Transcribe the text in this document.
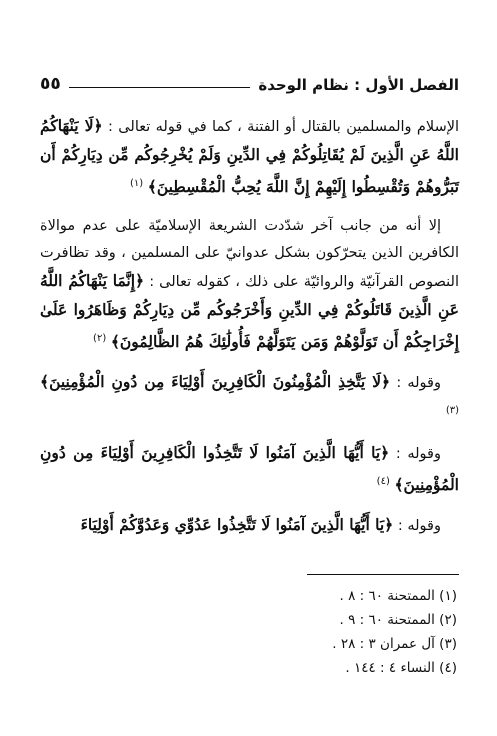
الفصل الأول : نظام الوحدة
٥٥

الإسلام والمسلمين بالقتال أو الفتنة ، كما في قوله تعالى : ﴿لَا يَنْهَاكُمُ اللَّهُ عَنِ الَّذِينَ لَمْ يُقَاتِلُوكُمْ فِي الدِّينِ وَلَمْ يُخْرِجُوكُم مِّن دِيَارِكُمْ أَن تَبَرُّوهُمْ وَتُقْسِطُوا إِلَيْهِمْ إِنَّ اللَّهَ يُحِبُّ الْمُقْسِطِينَ﴾ $^{(١)}$

إلا أنه من جانب آخر شدّدت الشريعة الإسلاميّة على عدم موالاة الكافرين الذين يتحرّكون بشكل عدوانيّ على المسلمين ، وقد تظافرت النصوص القرآنيّة والروائيّة على ذلك ، كقوله تعالى : ﴿إِنَّمَا يَنْهَاكُمُ اللَّهُ عَنِ الَّذِينَ قَاتَلُوكُمْ فِي الدِّينِ وَأَخْرَجُوكُم مِّن دِيَارِكُمْ وَظَاهَرُوا عَلَىٰ إِخْرَاجِكُمْ أَن تَوَلَّوْهُمْ وَمَن يَتَوَلَّهُمْ فَأُولَٰئِكَ هُمُ الظَّالِمُونَ﴾ $^{(٢)}$

وقوله : ﴿لَا يَتَّخِذِ الْمُؤْمِنُونَ الْكَافِرِينَ أَوْلِيَاءَ مِن دُونِ الْمُؤْمِنِينَ﴾ $^{(٣)}$

وقوله : ﴿يَا أَيُّهَا الَّذِينَ آمَنُوا لَا تَتَّخِذُوا الْكَافِرِينَ أَوْلِيَاءَ مِن دُونِ الْمُؤْمِنِينَ﴾ $^{(٤)}$

وقوله : ﴿يَا أَيُّهَا الَّذِينَ آمَنُوا لَا تَتَّخِذُوا عَدُوِّي وَعَدُوَّكُمْ أَوْلِيَاءَ

(١) الممتحنة ٦٠ : ٨ .
(٢) الممتحنة ٦٠ : ٩ .
(٣) آل عمران ٣ : ٢٨ .
(٤) النساء ٤ : ١٤٤ .
